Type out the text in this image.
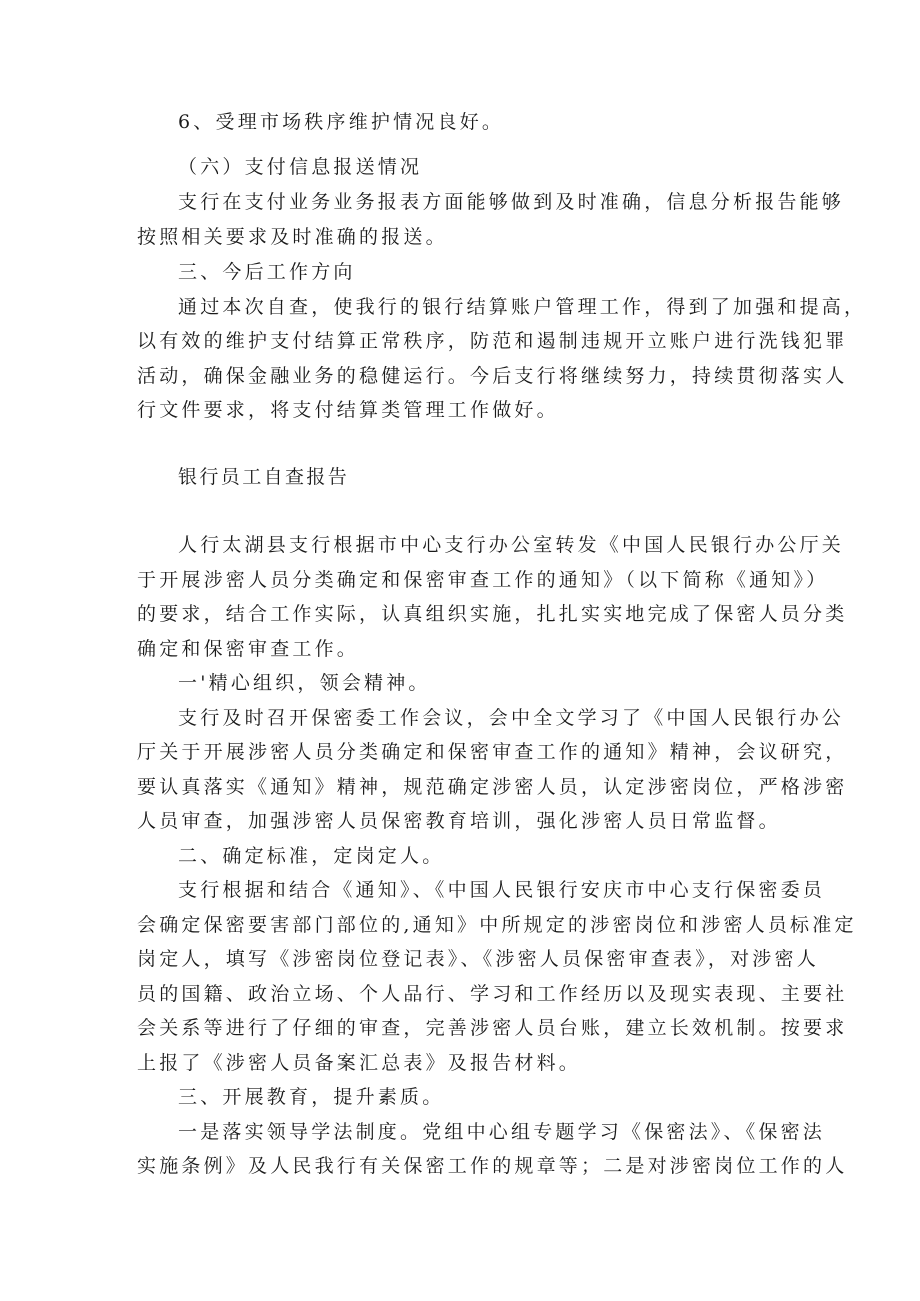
6、受理市场秩序维护情况良好。
（六）支付信息报送情况
支行在支付业务业务报表方面能够做到及时准确，信息分析报告能够
按照相关要求及时准确的报送。
三、今后工作方向
通过本次自查，使我行的银行结算账户管理工作，得到了加强和提高，
以有效的维护支付结算正常秩序，防范和遏制违规开立账户进行洗钱犯罪
活动，确保金融业务的稳健运行。今后支行将继续努力，持续贯彻落实人
行文件要求，将支付结算类管理工作做好。
银行员工自查报告
人行太湖县支行根据市中心支行办公室转发《中国人民银行办公厅关
于开展涉密人员分类确定和保密审查工作的通知》（以下简称《通知》）
的要求，结合工作实际，认真组织实施，扎扎实实地完成了保密人员分类
确定和保密审查工作。
一'精心组织，领会精神。
支行及时召开保密委工作会议，会中全文学习了《中国人民银行办公
厅关于开展涉密人员分类确定和保密审查工作的通知》精神，会议研究，
要认真落实《通知》精神，规范确定涉密人员，认定涉密岗位，严格涉密
人员审查，加强涉密人员保密教育培训，强化涉密人员日常监督。
二、确定标准，定岗定人。
支行根据和结合《通知》、《中国人民银行安庆市中心支行保密委员
会确定保密要害部门部位的,通知》中所规定的涉密岗位和涉密人员标准定
岗定人，填写《涉密岗位登记表》、《涉密人员保密审查表》，对涉密人
员的国籍、政治立场、个人品行、学习和工作经历以及现实表现、主要社
会关系等进行了仔细的审查，完善涉密人员台账，建立长效机制。按要求
上报了《涉密人员备案汇总表》及报告材料。
三、开展教育，提升素质。
一是落实领导学法制度。党组中心组专题学习《保密法》、《保密法
实施条例》及人民我行有关保密工作的规章等；二是对涉密岗位工作的人
